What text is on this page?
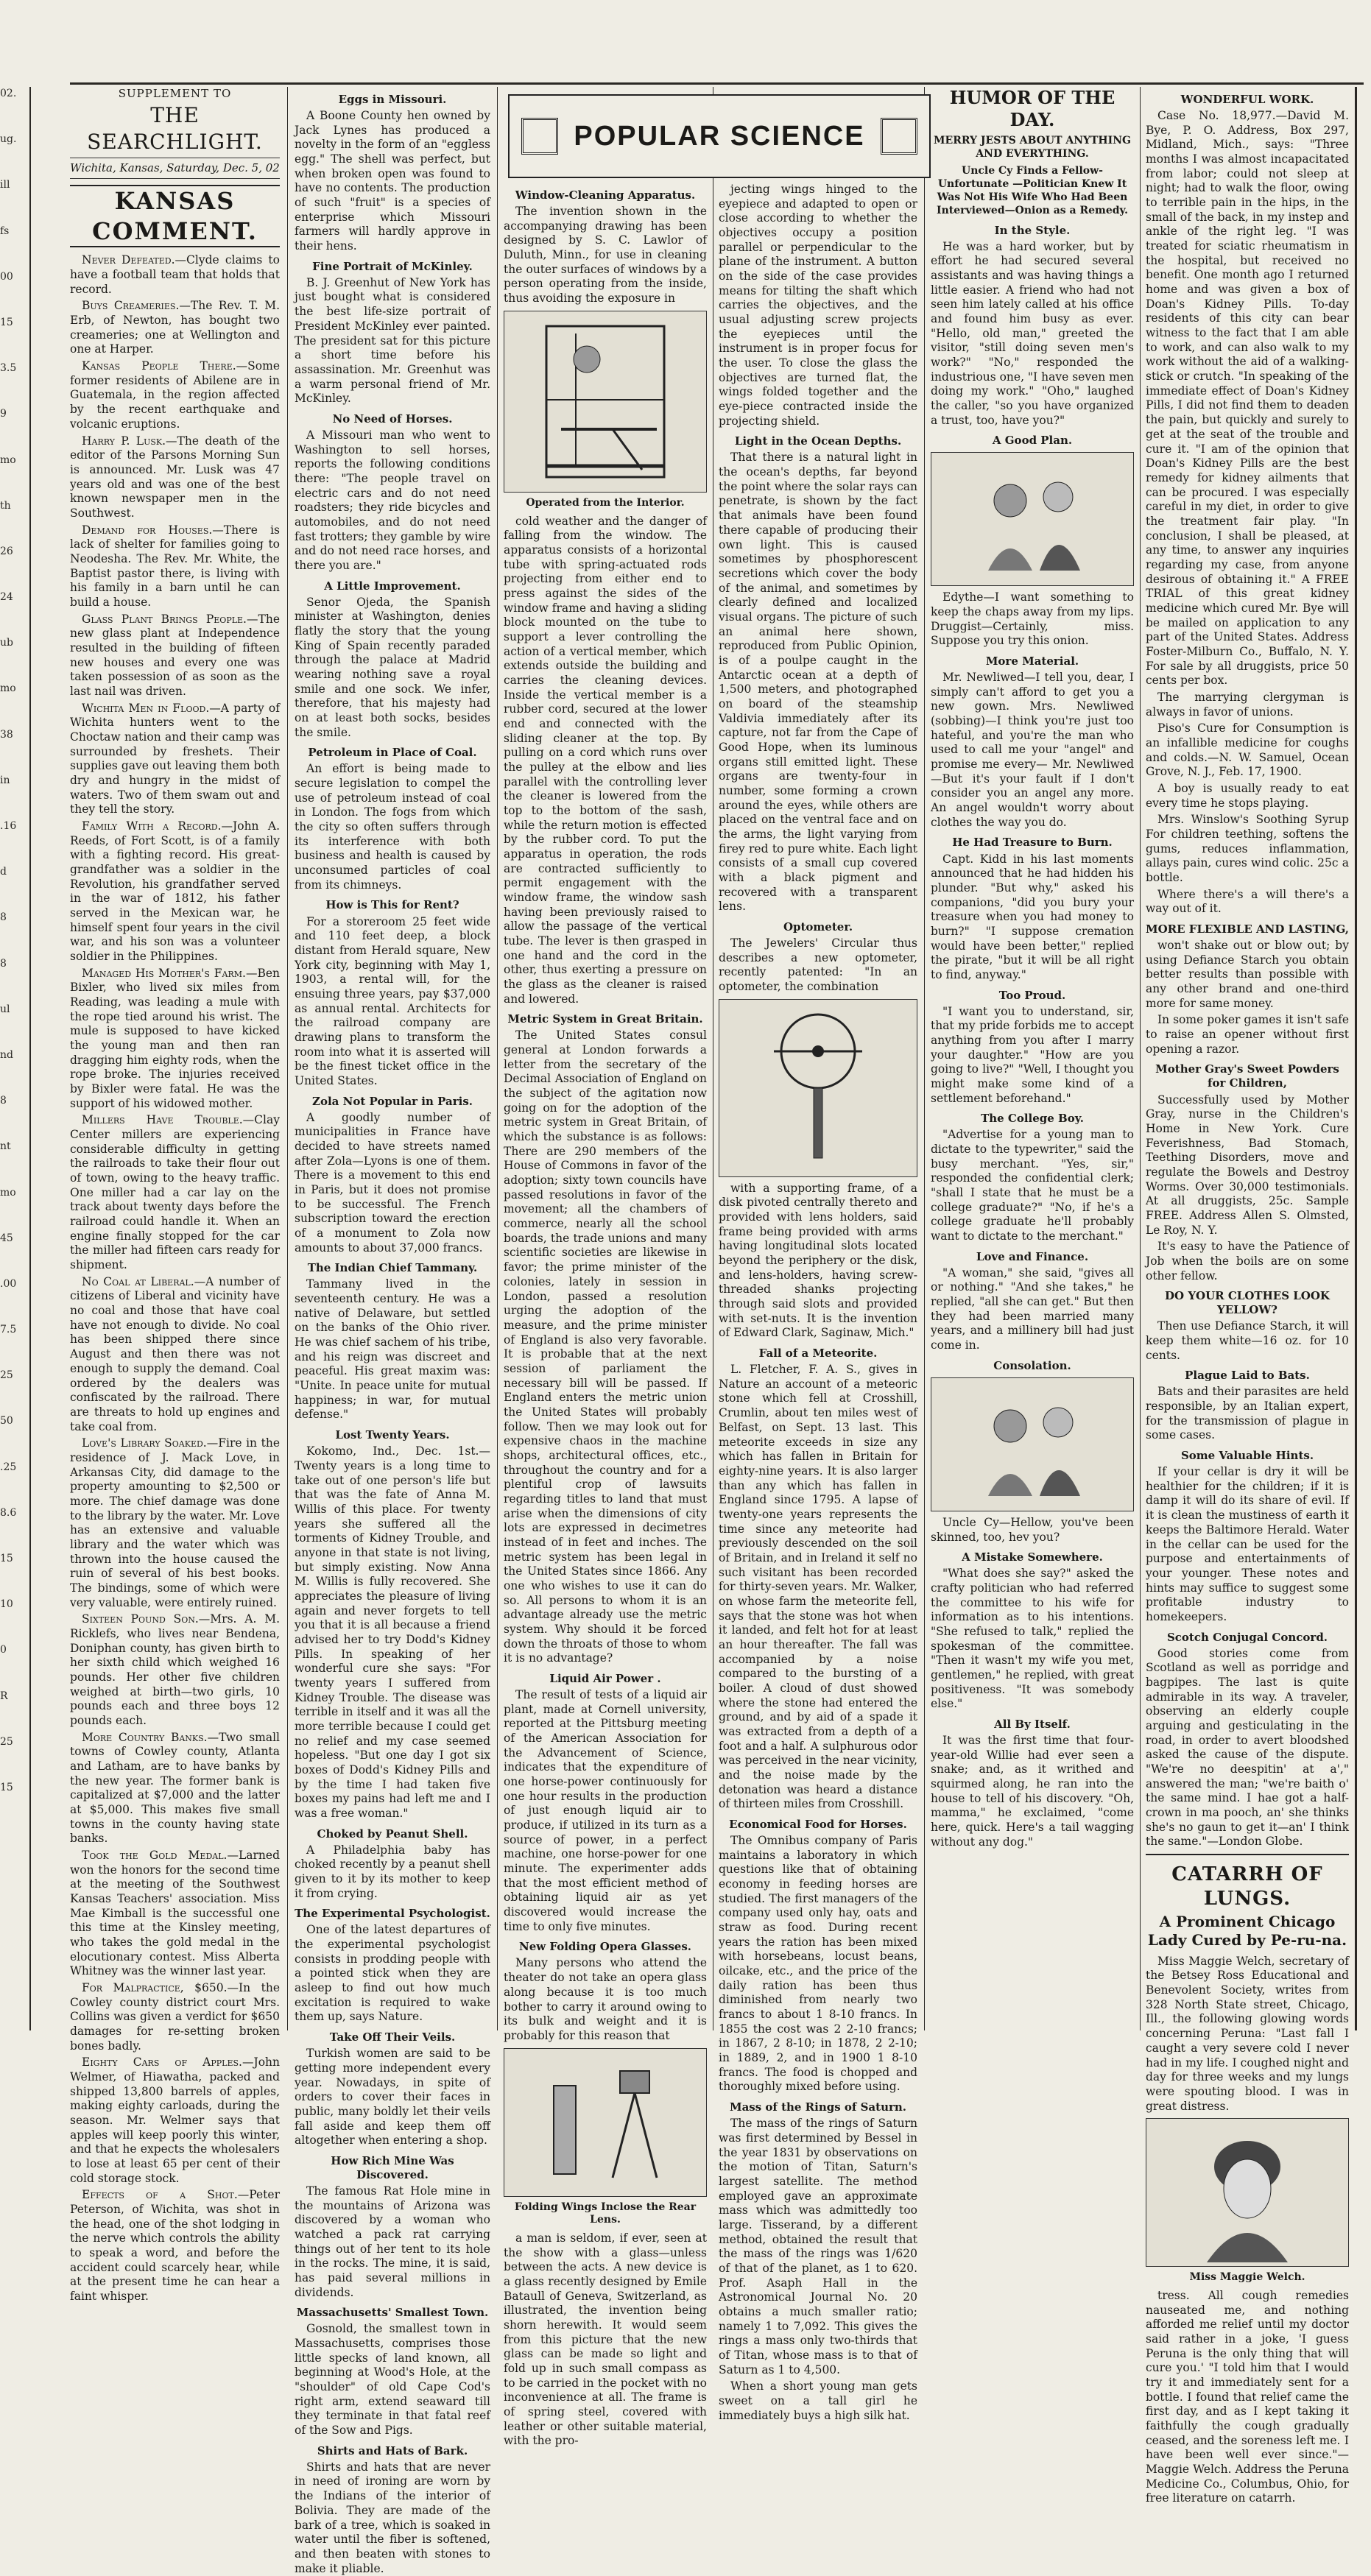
02.
ug.
ill
fs
00
15
3.5
9
mo
th
26
24
ub
mo
38
in
.16
d
8
8
ul
nd
8
nt
mo
45
.00
7.5
25
50
.25
8.6
15
10
0
R
25
15
SUPPLEMENT TO
THE SEARCHLIGHT.
Wichita, Kansas, Saturday, Dec. 5, 02
KANSAS COMMENT.

Never Defeated.—Clyde claims to have a football team that holds that record.

Buys Creameries.—The Rev. T. M. Erb, of Newton, has bought two creameries; one at Wellington and one at Harper.

Kansas People There.—Some former residents of Abilene are in Guatemala, in the region affected by the recent earthquake and volcanic eruptions.

Harry P. Lusk.—The death of the editor of the Parsons Morning Sun is announced. Mr. Lusk was 47 years old and was one of the best known newspaper men in the Southwest.

Demand for Houses.—There is lack of shelter for families going to Neodesha. The Rev. Mr. White, the Baptist pastor there, is living with his family in a barn until he can build a house.

Glass Plant Brings People.—The new glass plant at Independence resulted in the building of fifteen new houses and every one was taken possession of as soon as the last nail was driven.

Wichita Men in Flood.—A party of Wichita hunters went to the Choctaw nation and their camp was surrounded by freshets. Their supplies gave out leaving them both dry and hungry in the midst of waters. Two of them swam out and they tell the story.

Family With a Record.—John A. Reeds, of Fort Scott, is of a family with a fighting record. His great-grandfather was a soldier in the Revolution, his grandfather served in the war of 1812, his father served in the Mexican war, he himself spent four years in the civil war, and his son was a volunteer soldier in the Philippines.

Managed His Mother's Farm.—Ben Bixler, who lived six miles from Reading, was leading a mule with the rope tied around his wrist. The mule is supposed to have kicked the young man and then ran dragging him eighty rods, when the rope broke. The injuries received by Bixler were fatal. He was the support of his widowed mother.

Millers Have Trouble.—Clay Center millers are experiencing considerable difficulty in getting the railroads to take their flour out of town, owing to the heavy traffic. One miller had a car lay on the track about twenty days before the railroad could handle it. When an engine finally stopped for the car the miller had fifteen cars ready for shipment.

No Coal at Liberal.—A number of citizens of Liberal and vicinity have no coal and those that have coal have not enough to divide. No coal has been shipped there since August and then there was not enough to supply the demand. Coal ordered by the dealers was confiscated by the railroad. There are threats to hold up engines and take coal from.

Love's Library Soaked.—Fire in the residence of J. Mack Love, in Arkansas City, did damage to the property amounting to $2,500 or more. The chief damage was done to the library by the water. Mr. Love has an extensive and valuable library and the water which was thrown into the house caused the ruin of several of his best books. The bindings, some of which were very valuable, were entirely ruined.

Sixteen Pound Son.—Mrs. A. M. Ricklefs, who lives near Bendena, Doniphan county, has given birth to her sixth child which weighed 16 pounds. Her other five children weighed at birth—two girls, 10 pounds each and three boys 12 pounds each.

More Country Banks.—Two small towns of Cowley county, Atlanta and Latham, are to have banks by the new year. The former bank is capitalized at $7,000 and the latter at $5,000. This makes five small towns in the county having state banks.

Took the Gold Medal.—Larned won the honors for the second time at the meeting of the Southwest Kansas Teachers' association. Miss Mae Kimball is the successful one this time at the Kinsley meeting, who takes the gold medal in the elocutionary contest. Miss Alberta Whitney was the winner last year.

For Malpractice, $650.—In the Cowley county district court Mrs. Collins was given a verdict for $650 damages for re-setting broken bones badly.

Eighty Cars of Apples.—John Welmer, of Hiawatha, packed and shipped 13,800 barrels of apples, making eighty carloads, during the season. Mr. Welmer says that apples will keep poorly this winter, and that he expects the wholesalers to lose at least 65 per cent of their cold storage stock.

Effects of a Shot.—Peter Peterson, of Wichita, was shot in the head, one of the shot lodging in the nerve which controls the ability to speak a word, and before the accident could scarcely hear, while at the present time he can hear a faint whisper.

Eggs in Missouri.

A Boone County hen owned by Jack Lynes has produced a novelty in the form of an "eggless egg." The shell was perfect, but when broken open was found to have no contents. The production of such "fruit" is a species of enterprise which Missouri farmers will hardly approve in their hens.

Fine Portrait of McKinley.

B. J. Greenhut of New York has just bought what is considered the best life-size portrait of President McKinley ever painted. The president sat for this picture a short time before his assassination. Mr. Greenhut was a warm personal friend of Mr. McKinley.

No Need of Horses.

A Missouri man who went to Washington to sell horses, reports the following conditions there: "The people travel on electric cars and do not need roadsters; they ride bicycles and automobiles, and do not need fast trotters; they gamble by wire and do not need race horses, and there you are."

A Little Improvement.

Senor Ojeda, the Spanish minister at Washington, denies flatly the story that the young King of Spain recently paraded through the palace at Madrid wearing nothing save a royal smile and one sock. We infer, therefore, that his majesty had on at least both socks, besides the smile.

Petroleum in Place of Coal.

An effort is being made to secure legislation to compel the use of petroleum instead of coal in London. The fogs from which the city so often suffers through its interference with both business and health is caused by unconsumed particles of coal from its chimneys.

How is This for Rent?

For a storeroom 25 feet wide and 110 feet deep, a block distant from Herald square, New York city, beginning with May 1, 1903, a rental will, for the ensuing three years, pay $37,000 as annual rental. Architects for the railroad company are drawing plans to transform the room into what it is asserted will be the finest ticket office in the United States.

Zola Not Popular in Paris.

A goodly number of municipalities in France have decided to have streets named after Zola—Lyons is one of them. There is a movement to this end in Paris, but it does not promise to be successful. The French subscription toward the erection of a monument to Zola now amounts to about 37,000 francs.

The Indian Chief Tammany.

Tammany lived in the seventeenth century. He was a native of Delaware, but settled on the banks of the Ohio river. He was chief sachem of his tribe, and his reign was discreet and peaceful. His great maxim was: "Unite. In peace unite for mutual happiness; in war, for mutual defense."

Lost Twenty Years.

Kokomo, Ind., Dec. 1st.—Twenty years is a long time to take out of one person's life but that was the fate of Anna M. Willis of this place. For twenty years she suffered all the torments of Kidney Trouble, and anyone in that state is not living, but simply existing. Now Anna M. Willis is fully recovered. She appreciates the pleasure of living again and never forgets to tell you that it is all because a friend advised her to try Dodd's Kidney Pills. In speaking of her wonderful cure she says: "For twenty years I suffered from Kidney Trouble. The disease was terrible in itself and it was all the more terrible because I could get no relief and my case seemed hopeless. "But one day I got six boxes of Dodd's Kidney Pills and by the time I had taken five boxes my pains had left me and I was a free woman."

Choked by Peanut Shell.

A Philadelphia baby has choked recently by a peanut shell given to it by its mother to keep it from crying.

The Experimental Psychologist.

One of the latest departures of the experimental psychologist consists in prodding people with a pointed stick when they are asleep to find out how much excitation is required to wake them up, says Nature.

Take Off Their Veils.

Turkish women are said to be getting more independent every year. Nowadays, in spite of orders to cover their faces in public, many boldly let their veils fall aside and keep them off altogether when entering a shop.

How Rich Mine Was Discovered.

The famous Rat Hole mine in the mountains of Arizona was discovered by a woman who watched a pack rat carrying things out of her tent to its hole in the rocks. The mine, it is said, has paid several millions in dividends.

Massachusetts' Smallest Town.

Gosnold, the smallest town in Massachusetts, comprises those little specks of land known, all beginning at Wood's Hole, at the "shoulder" of old Cape Cod's right arm, extend seaward till they terminate in that fatal reef of the Sow and Pigs.

Shirts and Hats of Bark.

Shirts and hats that are never in need of ironing are worn by the Indians of the interior of Bolivia. They are made of the bark of a tree, which is soaked in water until the fiber is softened, and then beaten with stones to make it pliable.

POPULAR SCIENCE
Window-Cleaning Apparatus.

The invention shown in the accompanying drawing has been designed by S. C. Lawlor of Duluth, Minn., for use in cleaning the outer surfaces of windows by a person operating from the inside, thus avoiding the exposure in

Operated from the Interior.

cold weather and the danger of falling from the window. The apparatus consists of a horizontal tube with spring-actuated rods projecting from either end to press against the sides of the window frame and having a sliding block mounted on the tube to support a lever controlling the action of a vertical member, which extends outside the building and carries the cleaning devices. Inside the vertical member is a rubber cord, secured at the lower end and connected with the sliding cleaner at the top. By pulling on a cord which runs over the pulley at the elbow and lies parallel with the controlling lever the cleaner is lowered from the top to the bottom of the sash, while the return motion is effected by the rubber cord. To put the apparatus in operation, the rods are contracted sufficiently to permit engagement with the window frame, the window sash having been previously raised to allow the passage of the vertical tube. The lever is then grasped in one hand and the cord in the other, thus exerting a pressure on the glass as the cleaner is raised and lowered.

Metric System in Great Britain.

The United States consul general at London forwards a letter from the secretary of the Decimal Association of England on the subject of the agitation now going on for the adoption of the metric system in Great Britain, of which the substance is as follows: There are 290 members of the House of Commons in favor of the adoption; sixty town councils have passed resolutions in favor of the movement; all the chambers of commerce, nearly all the school boards, the trade unions and many scientific societies are likewise in favor; the prime minister of the colonies, lately in session in London, passed a resolution urging the adoption of the measure, and the prime minister of England is also very favorable. It is probable that at the next session of parliament the necessary bill will be passed. If England enters the metric union the United States will probably follow. Then we may look out for expensive chaos in the machine shops, architectural offices, etc., throughout the country and for a plentiful crop of lawsuits regarding titles to land that must arise when the dimensions of city lots are expressed in decimetres instead of in feet and inches. The metric system has been legal in the United States since 1866. Any one who wishes to use it can do so. All persons to whom it is an advantage already use the metric system. Why should it be forced down the throats of those to whom it is no advantage?

Liquid Air Power .

The result of tests of a liquid air plant, made at Cornell university, reported at the Pittsburg meeting of the American Association for the Advancement of Science, indicates that the expenditure of one horse-power continuously for one hour results in the production of just enough liquid air to produce, if utilized in its turn as a source of power, in a perfect machine, one horse-power for one minute. The experimenter adds that the most efficient method of obtaining liquid air as yet discovered would increase the time to only five minutes.

New Folding Opera Glasses.

Many persons who attend the theater do not take an opera glass along because it is too much bother to carry it around owing to its bulk and weight and it is probably for this reason that

Folding Wings Inclose the Rear Lens.

a man is seldom, if ever, seen at the show with a glass—unless between the acts. A new device is a glass recently designed by Emile Bataull of Geneva, Switzerland, as illustrated, the invention being shorn herewith. It would seem from this picture that the new glass can be made so light and fold up in such small compass as to be carried in the pocket with no inconvenience at all. The frame is of spring steel, covered with leather or other suitable material, with the pro-

jecting wings hinged to the eyepiece and adapted to open or close according to whether the objectives occupy a position parallel or perpendicular to the plane of the instrument. A button on the side of the case provides means for tilting the shaft which carries the objectives, and the usual adjusting screw projects the eyepieces until the instrument is in proper focus for the user. To close the glass the objectives are turned flat, the wings folded together and the eye-piece contracted inside the projecting shield.

Light in the Ocean Depths.

That there is a natural light in the ocean's depths, far beyond the point where the solar rays can penetrate, is shown by the fact that animals have been found there capable of producing their own light. This is caused sometimes by phosphorescent secretions which cover the body of the animal, and sometimes by clearly defined and localized visual organs. The picture of such an animal here shown, reproduced from Public Opinion, is of a poulpe caught in the Antarctic ocean at a depth of 1,500 meters, and photographed on board of the steamship Valdivia immediately after its capture, not far from the Cape of Good Hope, when its luminous organs still emitted light. These organs are twenty-four in number, some forming a crown around the eyes, while others are placed on the ventral face and on the arms, the light varying from firey red to pure white. Each light consists of a small cup covered with a black pigment and recovered with a transparent lens.

Optometer.

The Jewelers' Circular thus describes a new optometer, recently patented: "In an optometer, the combination

with a supporting frame, of a disk pivoted centrally thereto and provided with lens holders, said frame being provided with arms having longitudinal slots located beyond the periphery or the disk, and lens-holders, having screw-threaded shanks projecting through said slots and provided with set-nuts. It is the invention of Edward Clark, Saginaw, Mich."

Fall of a Meteorite.

L. Fletcher, F. A. S., gives in Nature an account of a meteoric stone which fell at Crosshill, Crumlin, about ten miles west of Belfast, on Sept. 13 last. This meteorite exceeds in size any which has fallen in Britain for eighty-nine years. It is also larger than any which has fallen in England since 1795. A lapse of twenty-one years represents the time since any meteorite had previously descended on the soil of Britain, and in Ireland it self no such visitant has been recorded for thirty-seven years. Mr. Walker, on whose farm the meteorite fell, says that the stone was hot when it landed, and felt hot for at least an hour thereafter. The fall was accompanied by a noise compared to the bursting of a boiler. A cloud of dust showed where the stone had entered the ground, and by aid of a spade it was extracted from a depth of a foot and a half. A sulphurous odor was perceived in the near vicinity, and the noise made by the detonation was heard a distance of thirteen miles from Crosshill.

Economical Food for Horses.

The Omnibus company of Paris maintains a laboratory in which questions like that of obtaining economy in feeding horses are studied. The first managers of the company used only hay, oats and straw as food. During recent years the ration has been mixed with horsebeans, locust beans, oilcake, etc., and the price of the daily ration has been thus diminished from nearly two francs to about 1 8-10 francs. In 1855 the cost was 2 2-10 francs; in 1867, 2 8-10; in 1878, 2 2-10; in 1889, 2, and in 1900 1 8-10 francs. The food is chopped and thoroughly mixed before using.

Mass of the Rings of Saturn.

The mass of the rings of Saturn was first determined by Bessel in the year 1831 by observations on the motion of Titan, Saturn's largest satellite. The method employed gave an approximate mass which was admittedly too large. Tisserand, by a different method, obtained the result that the mass of the rings was 1/620 of that of the planet, as 1 to 620. Prof. Asaph Hall in the Astronomical Journal No. 20 obtains a much smaller ratio; namely 1 to 7,092. This gives the rings a mass only two-thirds that of Titan, whose mass is to that of Saturn as 1 to 4,500.

When a short young man gets sweet on a tall girl he immediately buys a high silk hat.

HUMOR OF THE DAY.
MERRY JESTS ABOUT ANYTHING AND EVERYTHING.
Uncle Cy Finds a Fellow-Unfortunate —Politician Knew It Was Not His Wife Who Had Been Interviewed—Onion as a Remedy.
In the Style.

He was a hard worker, but by effort he had secured several assistants and was having things a little easier. A friend who had not seen him lately called at his office and found him busy as ever. "Hello, old man," greeted the visitor, "still doing seven men's work?" "No," responded the industrious one, "I have seven men doing my work." "Oho," laughed the caller, "so you have organized a trust, too, have you?"

A Good Plan.

Edythe—I want something to keep the chaps away from my lips. Druggist—Certainly, miss. Suppose you try this onion.

More Material.

Mr. Newliwed—I tell you, dear, I simply can't afford to get you a new gown. Mrs. Newliwed (sobbing)—I think you're just too hateful, and you're the man who used to call me your "angel" and promise me every— Mr. Newliwed—But it's your fault if I don't consider you an angel any more. An angel wouldn't worry about clothes the way you do.

He Had Treasure to Burn.

Capt. Kidd in his last moments announced that he had hidden his plunder. "But why," asked his companions, "did you bury your treasure when you had money to burn?" "I suppose cremation would have been better," replied the pirate, "but it will be all right to find, anyway."

Too Proud.

"I want you to understand, sir, that my pride forbids me to accept anything from you after I marry your daughter." "How are you going to live?" "Well, I thought you might make some kind of a settlement beforehand."

The College Boy.

"Advertise for a young man to dictate to the typewriter," said the busy merchant. "Yes, sir," responded the confidential clerk; "shall I state that he must be a college graduate?" "No, if he's a college graduate he'll probably want to dictate to the merchant."

Love and Finance.

"A woman," she said, "gives all or nothing." "And she takes," he replied, "all she can get." But then they had been married many years, and a millinery bill had just come in.

Consolation.

Uncle Cy—Hellow, you've been skinned, too, hev you?

A Mistake Somewhere.

"What does she say?" asked the crafty politician who had referred the committee to his wife for information as to his intentions. "She refused to talk," replied the spokesman of the committee. "Then it wasn't my wife you met, gentlemen," he replied, with great positiveness. "It was somebody else."

All By Itself.

It was the first time that four-year-old Willie had ever seen a snake; and, as it writhed and squirmed along, he ran into the house to tell of his discovery. "Oh, mamma," he exclaimed, "come here, quick. Here's a tail wagging without any dog."

WONDERFUL WORK.

Case No. 18,977.—David M. Bye, P. O. Address, Box 297, Midland, Mich., says: "Three months I was almost incapacitated from labor; could not sleep at night; had to walk the floor, owing to terrible pain in the hips, in the small of the back, in my instep and ankle of the right leg. "I was treated for sciatic rheumatism in the hospital, but received no benefit. One month ago I returned home and was given a box of Doan's Kidney Pills. To-day residents of this city can bear witness to the fact that I am able to work, and can also walk to my work without the aid of a walking-stick or crutch. "In speaking of the immediate effect of Doan's Kidney Pills, I did not find them to deaden the pain, but quickly and surely to get at the seat of the trouble and cure it. "I am of the opinion that Doan's Kidney Pills are the best remedy for kidney ailments that can be procured. I was especially careful in my diet, in order to give the treatment fair play. "In conclusion, I shall be pleased, at any time, to answer any inquiries regarding my case, from anyone desirous of obtaining it." A FREE TRIAL of this great kidney medicine which cured Mr. Bye will be mailed on application to any part of the United States. Address Foster-Milburn Co., Buffalo, N. Y. For sale by all druggists, price 50 cents per box.

The marrying clergyman is always in favor of unions.

Piso's Cure for Consumption is an infallible medicine for coughs and colds.—N. W. Samuel, Ocean Grove, N. J., Feb. 17, 1900.

A boy is usually ready to eat every time he stops playing.

Mrs. Winslow's Soothing Syrup For children teething, softens the gums, reduces inflammation, allays pain, cures wind colic. 25c a bottle.

Where there's a will there's a way out of it.

MORE FLEXIBLE AND LASTING,

won't shake out or blow out; by using Defiance Starch you obtain better results than possible with any other brand and one-third more for same money.

In some poker games it isn't safe to raise an opener without first opening a razor.

Mother Gray's Sweet Powders for Children,

Successfully used by Mother Gray, nurse in the Children's Home in New York. Cure Feverishness, Bad Stomach, Teething Disorders, move and regulate the Bowels and Destroy Worms. Over 30,000 testimonials. At all druggists, 25c. Sample FREE. Address Allen S. Olmsted, Le Roy, N. Y.

It's easy to have the Patience of Job when the boils are on some other fellow.

DO YOUR CLOTHES LOOK YELLOW?

Then use Defiance Starch, it will keep them white—16 oz. for 10 cents.

Plague Laid to Bats.

Bats and their parasites are held responsible, by an Italian expert, for the transmission of plague in some cases.

Some Valuable Hints.

If your cellar is dry it will be healthier for the children; if it is damp it will do its share of evil. If it is clean the mustiness of earth it keeps the Baltimore Herald. Water in the cellar can be used for the purpose and entertainments of your younger. These notes and hints may suffice to suggest some profitable industry to homekeepers.

Scotch Conjugal Concord.

Good stories come from Scotland as well as porridge and bagpipes. The last is quite admirable in its way. A traveler, observing an elderly couple arguing and gesticulating in the road, in order to avert bloodshed asked the cause of the dispute. "We're no deespitin' at a'," answered the man; "we're baith o' the same mind. I hae got a half-crown in ma pooch, an' she thinks she's no gaun to get it—an' I think the same."—London Globe.

CATARRH OF LUNGS.
A Prominent Chicago Lady Cured by Pe-ru-na.

Miss Maggie Welch, secretary of the Betsey Ross Educational and Benevolent Society, writes from 328 North State street, Chicago, Ill., the following glowing words concerning Peruna: "Last fall I caught a very severe cold I never had in my life. I coughed night and day for three weeks and my lungs were spouting blood. I was in great distress.

Miss Maggie Welch.

tress. All cough remedies nauseated me, and nothing afforded me relief until my doctor said rather in a joke, 'I guess Peruna is the only thing that will cure you.' "I told him that I would try it and immediately sent for a bottle. I found that relief came the first day, and as I kept taking it faithfully the cough gradually ceased, and the soreness left me. I have been well ever since."—Maggie Welch. Address the Peruna Medicine Co., Columbus, Ohio, for free literature on catarrh.
